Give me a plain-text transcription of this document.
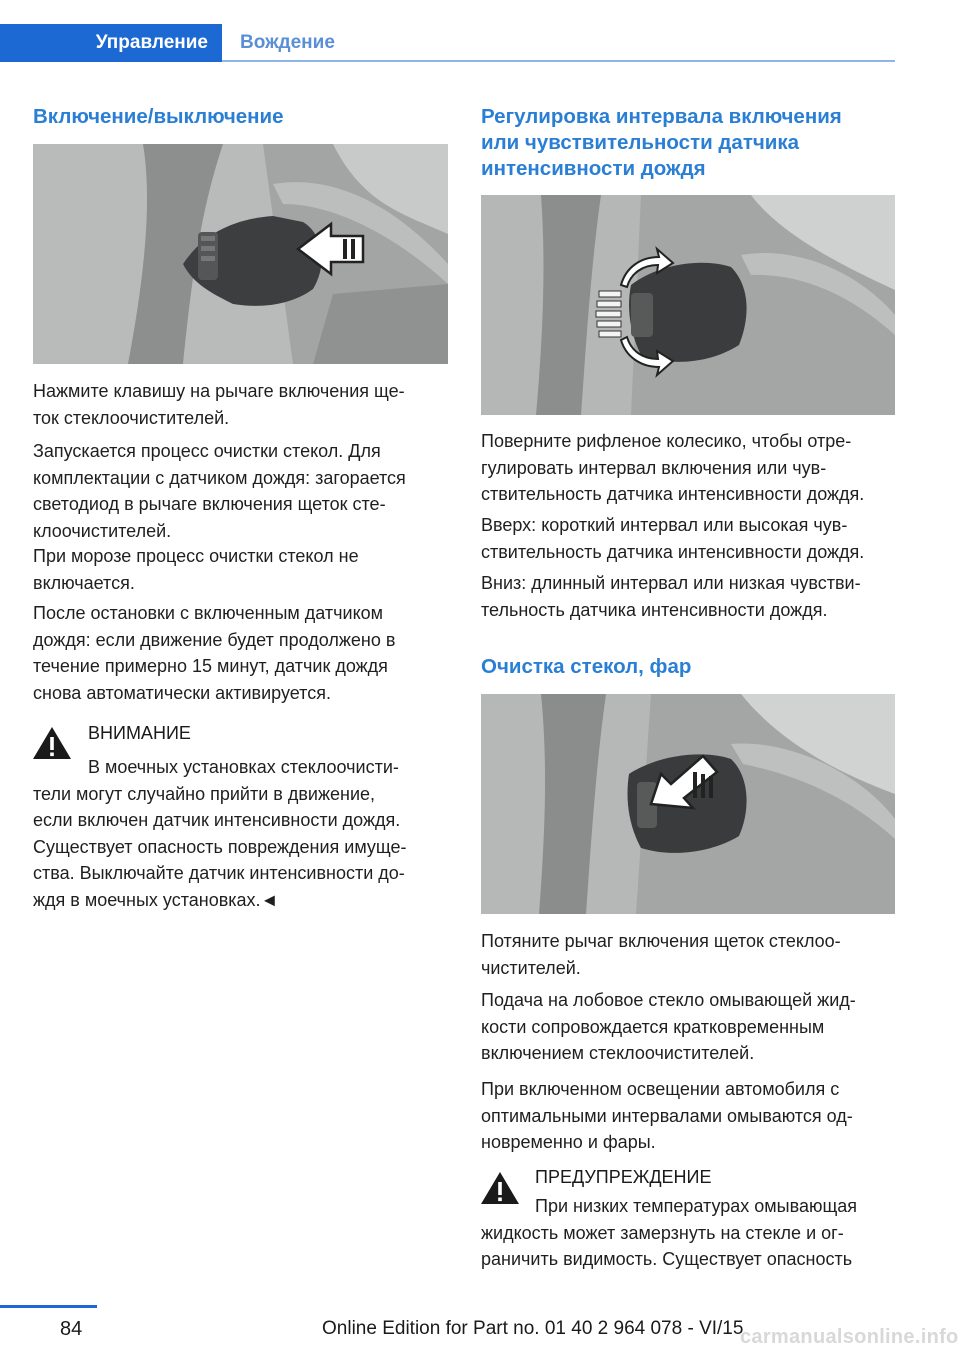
Управление	Вождение
Включение/выключение
Нажмите клавишу на рычаге включения ще-
ток стеклоочистителей.
Запускается процесс очистки стекол. Для
комплектации с датчиком дождя: загорается
светодиод в рычаге включения щеток сте-
клоочистителей.
При морозе процесс очистки стекол не
включается.
После остановки с включенным датчиком
дождя: если движение будет продолжено в
течение примерно 15 минут, датчик дождя
снова автоматически активируется.
ВНИМАНИЕ
В моечных установках стеклоочисти-
тели могут случайно прийти в движение,
если включен датчик интенсивности дождя.
Существует опасность повреждения имуще-
ства. Выключайте датчик интенсивности до-
ждя в моечных установках.◄
Регулировка интервала включения
или чувствительности датчика
интенсивности дождя
Поверните рифленое колесико, чтобы отре-
гулировать интервал включения или чув-
ствительность датчика интенсивности дождя.
Вверх: короткий интервал или высокая чув-
ствительность датчика интенсивности дождя.
Вниз: длинный интервал или низкая чувстви-
тельность датчика интенсивности дождя.
Очистка стекол, фар
Потяните рычаг включения щеток стеклоо-
чистителей.
Подача на лобовое стекло омывающей жид-
кости сопровождается кратковременным
включением стеклоочистителей.
При включенном освещении автомобиля с
оптимальными интервалами омываются од-
новременно и фары.
ПРЕДУПРЕЖДЕНИЕ
При низких температурах омывающая
жидкость может замерзнуть на стекле и ог-
раничить видимость. Существует опасность
84	Online Edition for Part no. 01 40 2 964 078 - VI/15
carmanualsonline.info
